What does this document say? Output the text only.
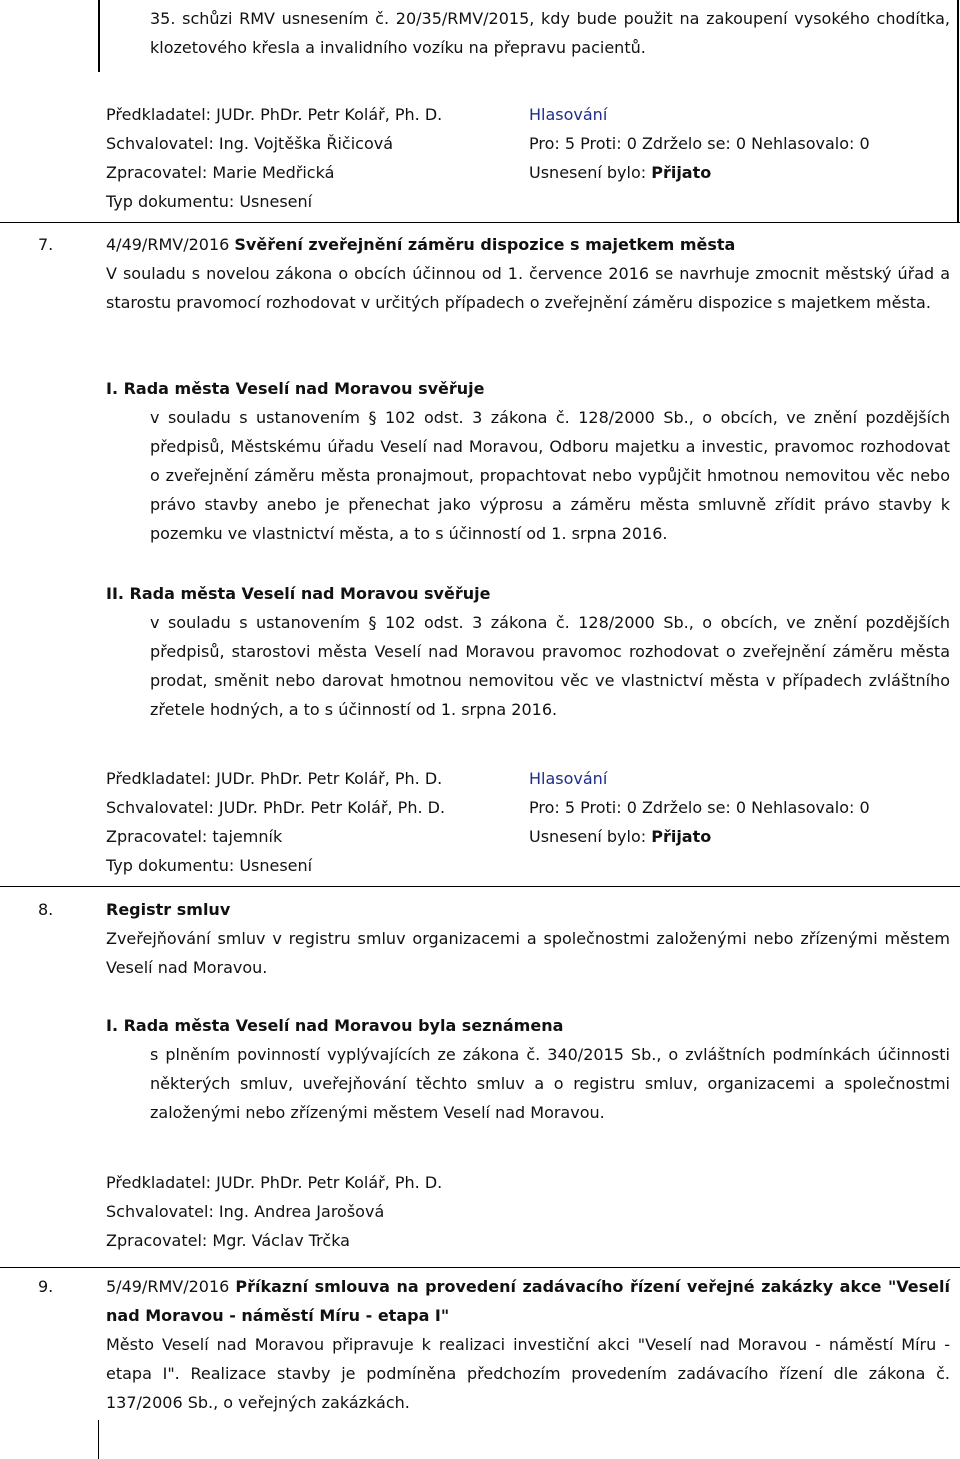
35. schůzi RMV usnesením č. 20/35/RMV/2015, kdy bude použit na zakoupení vysokého chodítka, klozetového křesla a invalidního vozíku na přepravu pacientů.
Předkladatel: JUDr. PhDr. Petr Kolář, Ph. D.
Schvalovatel: Ing. Vojtěška Řičicová
Zpracovatel: Marie Medřická
Typ dokumentu: Usnesení
Hlasování
Pro: 5 Proti: 0 Zdrželo se: 0 Nehlasovalo: 0
Usnesení bylo: Přijato
7.	4/49/RMV/2016 Svěření zveřejnění záměru dispozice s majetkem města
V souladu s novelou zákona o obcích účinnou od 1. července 2016 se navrhuje zmocnit městský úřad a starostu pravomocí rozhodovat v určitých případech o zveřejnění záměru dispozice s majetkem města.
I. Rada města Veselí nad Moravou svěřuje
v souladu s ustanovením § 102 odst. 3 zákona č. 128/2000 Sb., o obcích, ve znění pozdějších předpisů, Městskému úřadu Veselí nad Moravou, Odboru majetku a investic, pravomoc rozhodovat o zveřejnění záměru města pronajmout, propachtovat nebo vypůjčit hmotnou nemovitou věc nebo právo stavby anebo je přenechat jako výprosu a záměru města smluvně zřídit právo stavby k pozemku ve vlastnictví města, a to s účinností od 1. srpna 2016.
II. Rada města Veselí nad Moravou svěřuje
v souladu s ustanovením § 102 odst. 3 zákona č. 128/2000 Sb., o obcích, ve znění pozdějších předpisů, starostovi města Veselí nad Moravou pravomoc rozhodovat o zveřejnění záměru města prodat, směnit nebo darovat hmotnou nemovitou věc ve vlastnictví města v případech zvláštního zřetele hodných, a to s účinností od 1. srpna 2016.
Předkladatel: JUDr. PhDr. Petr Kolář, Ph. D.
Schvalovatel: JUDr. PhDr. Petr Kolář, Ph. D.
Zpracovatel: tajemník
Typ dokumentu: Usnesení
Hlasování
Pro: 5 Proti: 0 Zdrželo se: 0 Nehlasovalo: 0
Usnesení bylo: Přijato
8.	Registr smluv
Zveřejňování smluv v registru smluv organizacemi a společnostmi založenými nebo zřízenými městem Veselí nad Moravou.
I. Rada města Veselí nad Moravou byla seznámena
s plněním povinností vyplývajících ze zákona č. 340/2015 Sb., o zvláštních podmínkách účinnosti některých smluv, uveřejňování těchto smluv a o registru smluv, organizacemi a společnostmi založenými nebo zřízenými městem Veselí nad Moravou.
Předkladatel: JUDr. PhDr. Petr Kolář, Ph. D.
Schvalovatel: Ing. Andrea Jarošová
Zpracovatel: Mgr. Václav Trčka
9.	5/49/RMV/2016 Příkazní smlouva na provedení zadávacího řízení veřejné zakázky akce "Veselí nad Moravou - náměstí Míru - etapa I"
Město Veselí nad Moravou připravuje k realizaci investiční akci "Veselí nad Moravou - náměstí Míru - etapa I". Realizace stavby je podmíněna předchozím provedením zadávacího řízení dle zákona č. 137/2006 Sb., o veřejných zakázkách.
